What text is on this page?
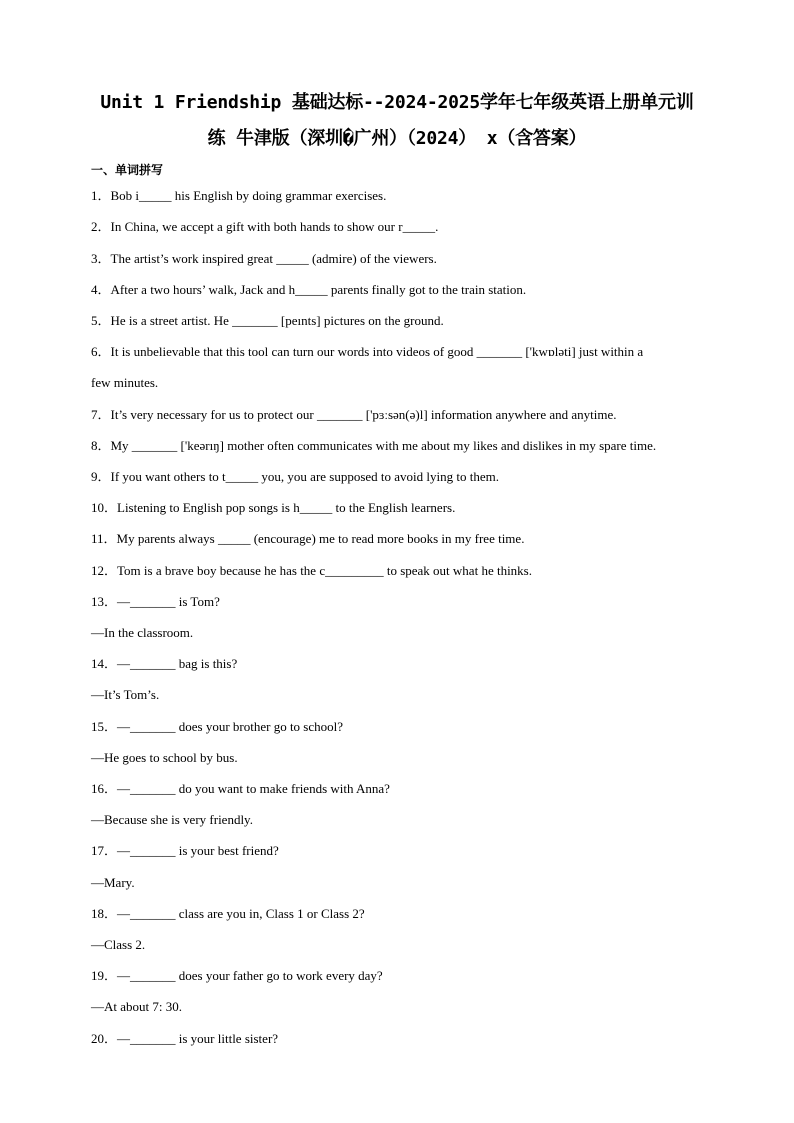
Unit 1 Friendship 基础达标--2024-2025学年七年级英语上册单元训
练 牛津版（深圳�广州）（2024） x（含答案）
一、单词拼写
1．Bob i_____ his English by doing grammar exercises.
2．In China, we accept a gift with both hands to show our r_____.
3．The artist’s work inspired great _____ (admire) of the viewers.
4．After a two hours’ walk, Jack and h_____ parents finally got to the train station.
5．He is a street artist. He _______ [peınts] pictures on the ground.
6．It is unbelievable that this tool can turn our words into videos of good _______ ['kwɒləti] just within a
few minutes.
7．It’s very necessary for us to protect our _______ ['pɜːsən(ə)l] information anywhere and anytime.
8．My _______ ['keərıŋ] mother often communicates with me about my likes and dislikes in my spare time.
9．If you want others to t_____ you, you are supposed to avoid lying to them.
10．Listening to English pop songs is h_____ to the English learners.
11．My parents always _____ (encourage) me to read more books in my free time.
12．Tom is a brave boy because he has the c_________ to speak out what he thinks.
13．—_______ is Tom?
—In the classroom.
14．—_______ bag is this?
—It’s Tom’s.
15．—_______ does your brother go to school?
—He goes to school by bus.
16．—_______ do you want to make friends with Anna?
—Because she is very friendly.
17．—_______ is your best friend?
—Mary.
18．—_______ class are you in, Class 1 or Class 2?
—Class 2.
19．—_______ does your father go to work every day?
—At about 7: 30.
20．—_______ is your little sister?
